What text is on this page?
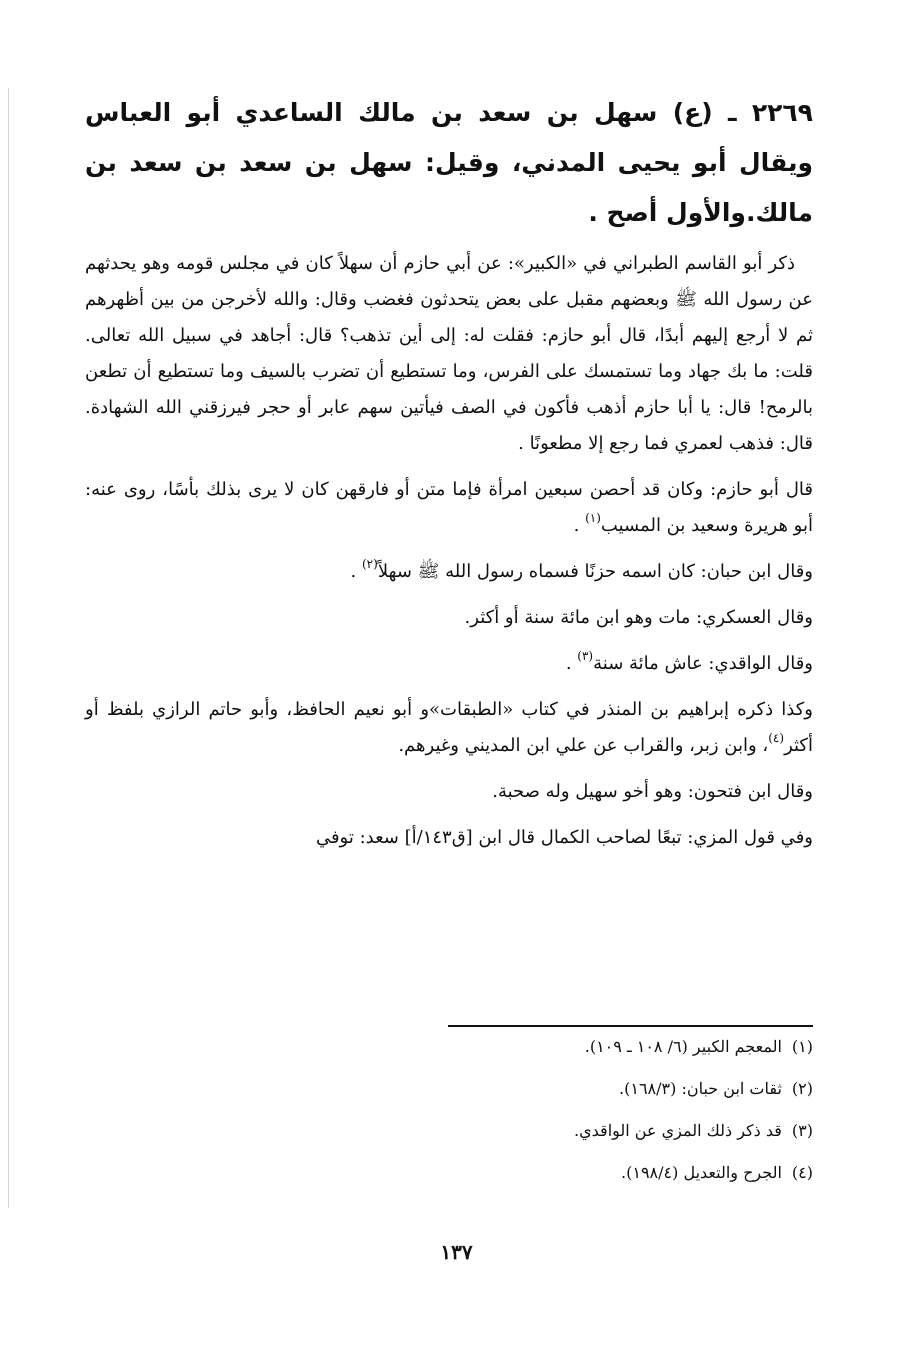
٢٢٦٩ ـ (ع) سهل بن سعد بن مالك الساعدي أبو العباس ويقال أبو يحيى المدني، وقيل: سهل بن سعد بن سعد بن مالك.والأول أصح .

ذكر أبو القاسم الطبراني في «الكبير»: عن أبي حازم أن سهلاً كان في مجلس قومه وهو يحدثهم عن رسول الله ﷺ وبعضهم مقبل على بعض يتحدثون فغضب وقال: والله لأخرجن من بين أظهرهم ثم لا أرجع إليهم أبدًا، قال أبو حازم: فقلت له: إلى أين تذهب؟ قال: أجاهد في سبيل الله تعالى. قلت: ما بك جهاد وما تستمسك على الفرس، وما تستطيع أن تضرب بالسيف وما تستطيع أن تطعن بالرمح! قال: يا أبا حازم أذهب فأكون في الصف فيأتين سهم عابر أو حجر فيرزقني الله الشهادة. قال: فذهب لعمري فما رجع إلا مطعونًا .

قال أبو حازم: وكان قد أحصن سبعين امرأة فإما متن أو فارقهن كان لا يرى بذلك بأسًا، روى عنه: أبو هريرة وسعيد بن المسيب$^{(١)}$ .

وقال ابن حبان: كان اسمه حزنًا فسماه رسول الله ﷺ سهلاً$^{(٢)}$ .

وقال العسكري: مات وهو ابن مائة سنة أو أكثر.

وقال الواقدي: عاش مائة سنة$^{(٣)}$ .

وكذا ذكره إبراهيم بن المنذر في كتاب «الطبقات»و أبو نعيم الحافظ، وأبو حاتم الرازي بلفظ أو أكثر$^{(٤)}$، وابن زبر، والقراب عن علي ابن المديني وغيرهم.

وقال ابن فتحون: وهو أخو سهيل وله صحبة.

وفي قول المزي: تبعًا لصاحب الكمال قال ابن [ق١٤٣/أ] سعد: توفي

(١)المعجم الكبير (٦/ ١٠٨ ـ ١٠٩).
(٢)ثقات ابن حبان: (١٦٨/٣).
(٣)قد ذكر ذلك المزي عن الواقدي.
(٤)الجرح والتعديل (١٩٨/٤).
١٣٧
